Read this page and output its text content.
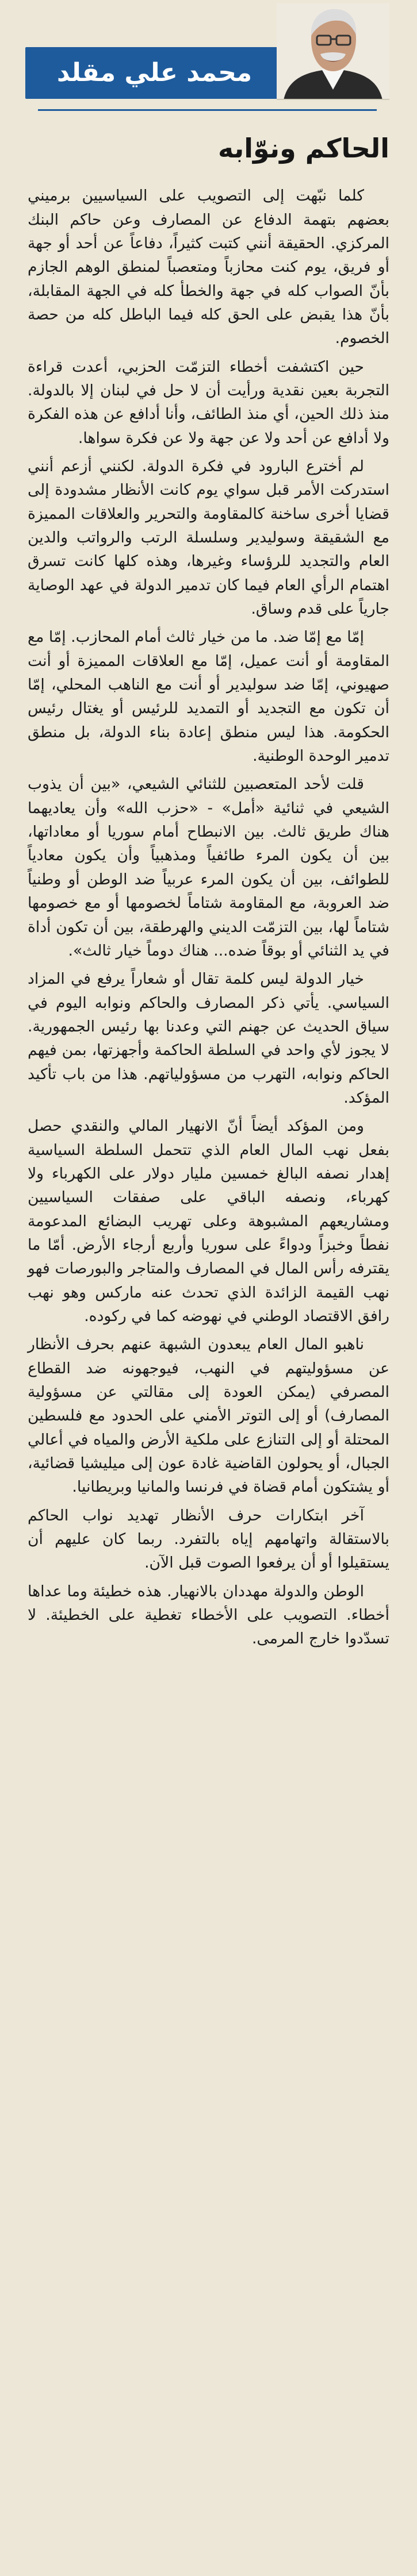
محمد علي مقلد
الحاكم ونوّابه

كلما نبّهت إلى التصويب على السياسيين برميني بعضهم بتهمة الدفاع عن المصارف وعن حاكم البنك المركزي. الحقيقة أنني كتبت كثيراً، دفاعاً عن أحد أو جهة أو فريق، يوم كنت محازباً ومتعصباً لمنطق الوهم الجازم بأنّ الصواب كله في جهة والخطأ كله في الجهة المقابلة، بأنّ هذا يقبض على الحق كله فيما الباطل كله من حصة الخصوم.

حين اكتشفت أخطاء التزمّت الحزبي، أعدت قراءة التجربة بعين نقدية ورأيت أن لا حل في لبنان إلا بالدولة. منذ ذلك الحين، أي منذ الطائف، وأنا أدافع عن هذه الفكرة ولا أدافع عن أحد ولا عن جهة ولا عن فكرة سواها.

لم أخترع البارود في فكرة الدولة. لكنني أزعم أنني استدركت الأمر قبل سواي يوم كانت الأنظار مشدودة إلى قضايا أخرى ساخنة كالمقاومة والتحرير والعلاقات المميزة مع الشقيقة وسوليدير وسلسلة الرتب والرواتب والدين العام والتجديد للرؤساء وغيرها، وهذه كلها كانت تسرق اهتمام الرأي العام فيما كان تدمير الدولة في عهد الوصاية جارياً على قدم وساق.

إمّا مع إمّا ضد. ما من خيار ثالث أمام المحازب. إمّا مع المقاومة أو أنت عميل، إمّا مع العلاقات المميزة أو أنت صهيوني، إمّا ضد سوليدير أو أنت مع الناهب المحلي، إمّا أن تكون مع التجديد أو التمديد للرئيس أو يغتال رئيس الحكومة. هذا ليس منطق إعادة بناء الدولة، بل منطق تدمير الوحدة الوطنية.

قلت لأحد المتعصبين للثنائي الشيعي، «بين أن يذوب الشيعي في ثنائية «أمل» - «حزب الله» وأن يعاديهما هناك طريق ثالث. بين الانبطاح أمام سوريا أو معاداتها، بين أن يكون المرء طائفياً ومذهبياً وأن يكون معادياً للطوائف، بين أن يكون المرء عربياً ضد الوطن أو وطنياً ضد العروبة، مع المقاومة شتاماً لخصومها أو مع خصومها شتاماً لها، بين التزمّت الديني والهرطقة، بين أن تكون أداة في يد الثنائي أو بوقاً ضده... هناك دوماً خيار ثالث».

خيار الدولة ليس كلمة تقال أو شعاراً يرفع في المزاد السياسي. يأتي ذكر المصارف والحاكم ونوابه اليوم في سياق الحديث عن جهنم التي وعدنا بها رئيس الجمهورية. لا يجوز لأي واحد في السلطة الحاكمة وأجهزتها، بمن فيهم الحاكم ونوابه، التهرب من مسؤولياتهم. هذا من باب تأكيد المؤكد.

ومن المؤكد أيضاً أنّ الانهيار المالي والنقدي حصل بفعل نهب المال العام الذي تتحمل السلطة السياسية إهدار نصفه البالغ خمسين مليار دولار على الكهرباء ولا كهرباء، ونصفه الباقي على صفقات السياسيين ومشاريعهم المشبوهة وعلى تهريب البضائع المدعومة نفطاً وخبزاً ودواءً على سوريا وأربع أرجاء الأرض. أمّا ما يقترفه رأس المال في المصارف والمتاجر والبورصات فهو نهب القيمة الزائدة الذي تحدث عنه ماركس وهو نهب رافق الاقتصاد الوطني في نهوضه كما في ركوده.

ناهبو المال العام يبعدون الشبهة عنهم بحرف الأنظار عن مسؤوليتهم في النهب، فيوجهونه ضد القطاع المصرفي (يمكن العودة إلى مقالتي عن مسؤولية المصارف) أو إلى التوتر الأمني على الحدود مع فلسطين المحتلة أو إلى التنازع على ملكية الأرض والمياه في أعالي الجبال، أو يحولون القاضية غادة عون إلى ميليشيا قضائية، أو يشتكون أمام قضاة في فرنسا والمانيا وبريطانيا.

آخر ابتكارات حرف الأنظار تهديد نواب الحاكم بالاستقالة واتهامهم إياه بالتفرد. ربما كان عليهم أن يستقيلوا أو أن يرفعوا الصوت قبل الآن.

الوطن والدولة مهددان بالانهيار. هذه خطيئة وما عداها أخطاء. التصويب على الأخطاء تغطية على الخطيئة. لا تسدّدوا خارج المرمى.
